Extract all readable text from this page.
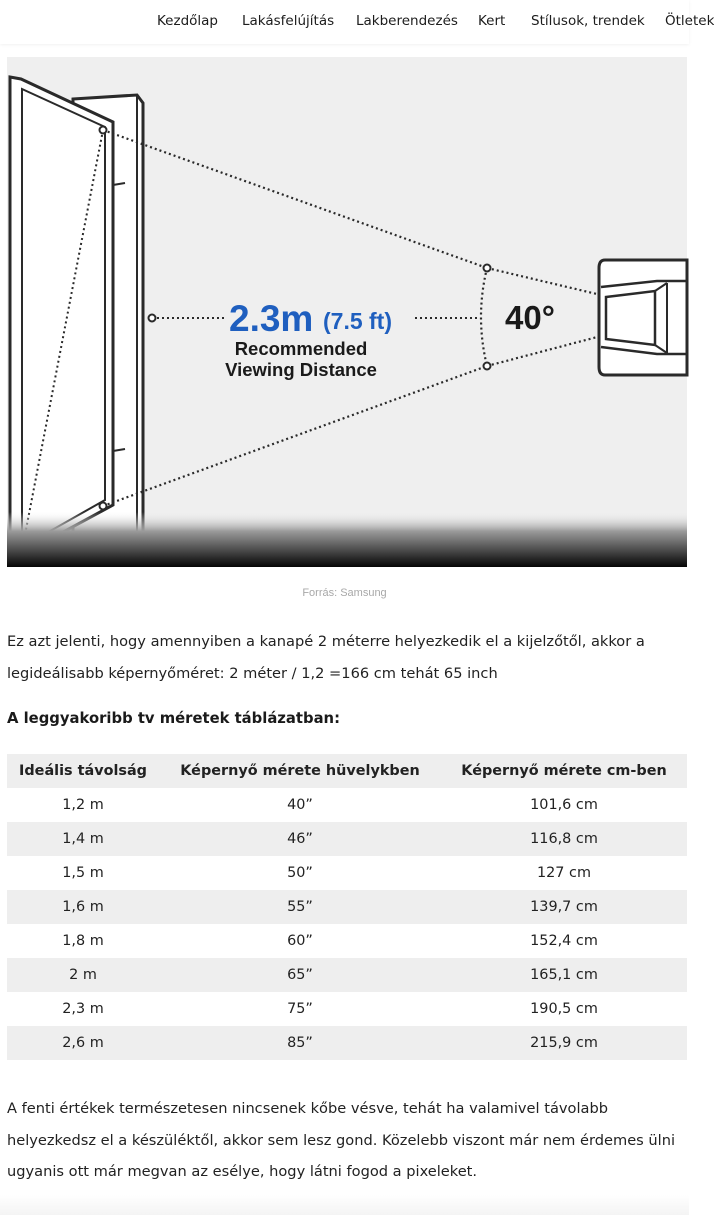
Kezdőlap Lakásfelújítás Lakberendezés Kert Stílusok, trendek Ötletek
2.3m (7.5 ft)
Recommended
Viewing Distance
40°
Forrás: Samsung

Ez azt jelenti, hogy amennyiben a kanapé 2 méterre helyezkedik el a kijelzőtől, akkor a legideálisabb képernyőméret: 2 méter / 1,2 =166 cm tehát 65 inch

A leggyakoribb tv méretek táblázatban:
Ideális távolság	Képernyő mérete hüvelykben	Képernyő mérete cm-ben
1,2 m	40”	101,6 cm
1,4 m	46”	116,8 cm
1,5 m	50”	127 cm
1,6 m	55”	139,7 cm
1,8 m	60”	152,4 cm
2 m	65”	165,1 cm
2,3 m	75”	190,5 cm
2,6 m	85”	215,9 cm

A fenti értékek természetesen nincsenek kőbe vésve, tehát ha valamivel távolabb helyezkedsz el a készüléktől, akkor sem lesz gond. Közelebb viszont már nem érdemes ülni ugyanis ott már megvan az esélye, hogy látni fogod a pixeleket.
